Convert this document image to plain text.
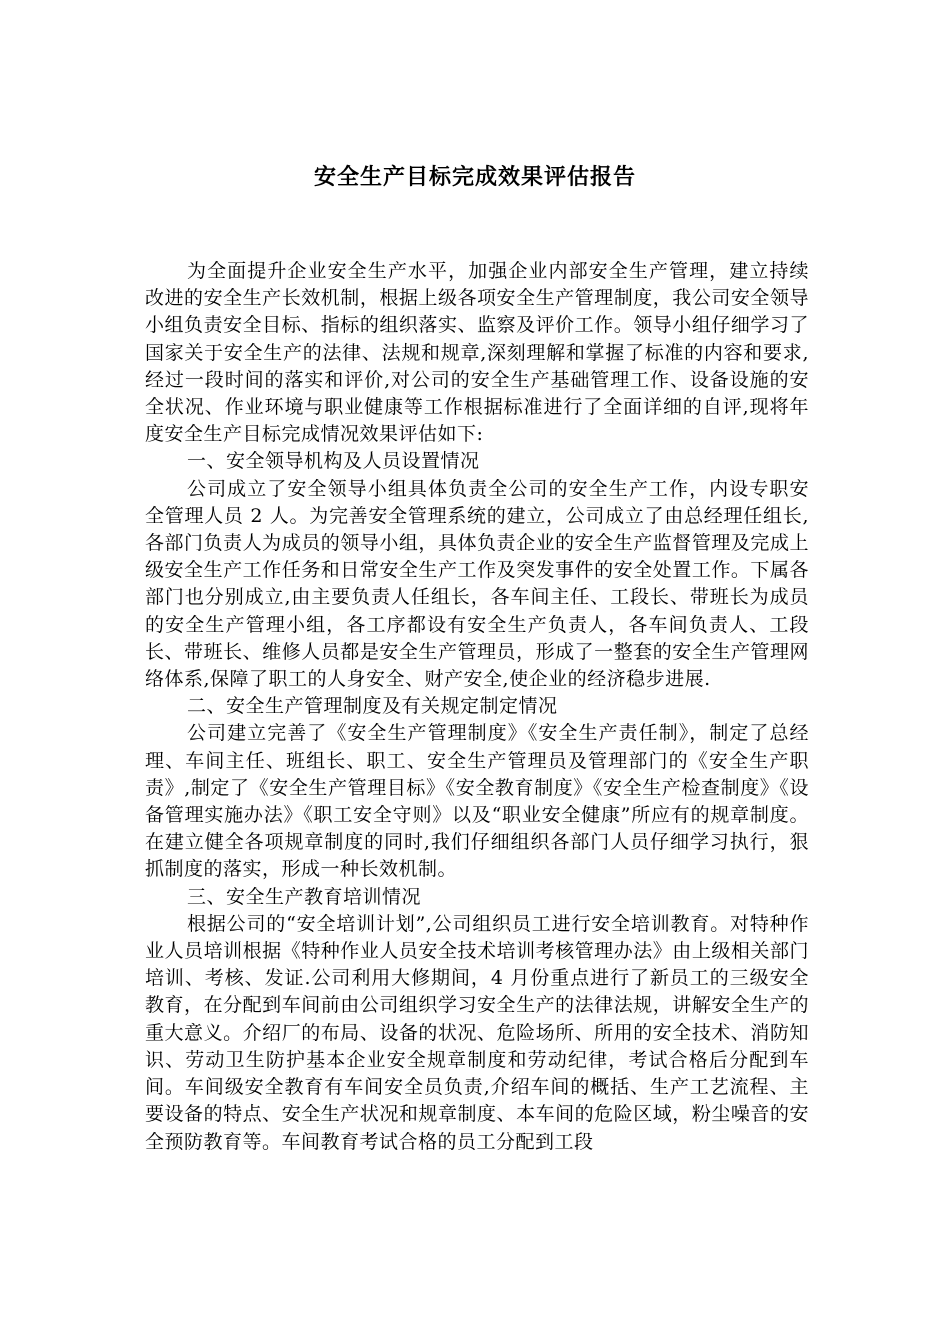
安全生产目标完成效果评估报告

为全面提升企业安全生产水平，加强企业内部安全生产管理，建立持续改进的安全生产长效机制，根据上级各项安全生产管理制度，我公司安全领导小组负责安全目标、指标的组织落实、监察及评价工作。领导小组仔细学习了国家关于安全生产的法律、法规和规章,深刻理解和掌握了标准的内容和要求,经过一段时间的落实和评价,对公司的安全生产基础管理工作、设备设施的安全状况、作业环境与职业健康等工作根据标准进行了全面详细的自评,现将年度安全生产目标完成情况效果评估如下:

一、安全领导机构及人员设置情况

公司成立了安全领导小组具体负责全公司的安全生产工作，内设专职安全管理人员 2 人。为完善安全管理系统的建立，公司成立了由总经理任组长,各部门负责人为成员的领导小组，具体负责企业的安全生产监督管理及完成上级安全生产工作任务和日常安全生产工作及突发事件的安全处置工作。下属各部门也分别成立,由主要负责人任组长，各车间主任、工段长、带班长为成员的安全生产管理小组，各工序都设有安全生产负责人，各车间负责人、工段长、带班长、维修人员都是安全生产管理员，形成了一整套的安全生产管理网络体系,保障了职工的人身安全、财产安全,使企业的经济稳步进展.

二、安全生产管理制度及有关规定制定情况

公司建立完善了《安全生产管理制度》《安全生产责任制》，制定了总经理、车间主任、班组长、职工、安全生产管理员及管理部门的《安全生产职责》,制定了《安全生产管理目标》《安全教育制度》《安全生产检查制度》《设备管理实施办法》《职工安全守则》以及“职业安全健康”所应有的规章制度。在建立健全各项规章制度的同时,我们仔细组织各部门人员仔细学习执行，狠抓制度的落实，形成一种长效机制。

三、安全生产教育培训情况

根据公司的“安全培训计划”,公司组织员工进行安全培训教育。对特种作业人员培训根据《特种作业人员安全技术培训考核管理办法》由上级相关部门培训、考核、发证.公司利用大修期间，4 月份重点进行了新员工的三级安全教育，在分配到车间前由公司组织学习安全生产的法律法规，讲解安全生产的重大意义。介绍厂的布局、设备的状况、危险场所、所用的安全技术、消防知识、劳动卫生防护基本企业安全规章制度和劳动纪律，考试合格后分配到车间。车间级安全教育有车间安全员负责,介绍车间的概括、生产工艺流程、主要设备的特点、安全生产状况和规章制度、本车间的危险区域，粉尘噪音的安全预防教育等。车间教育考试合格的员工分配到工段
